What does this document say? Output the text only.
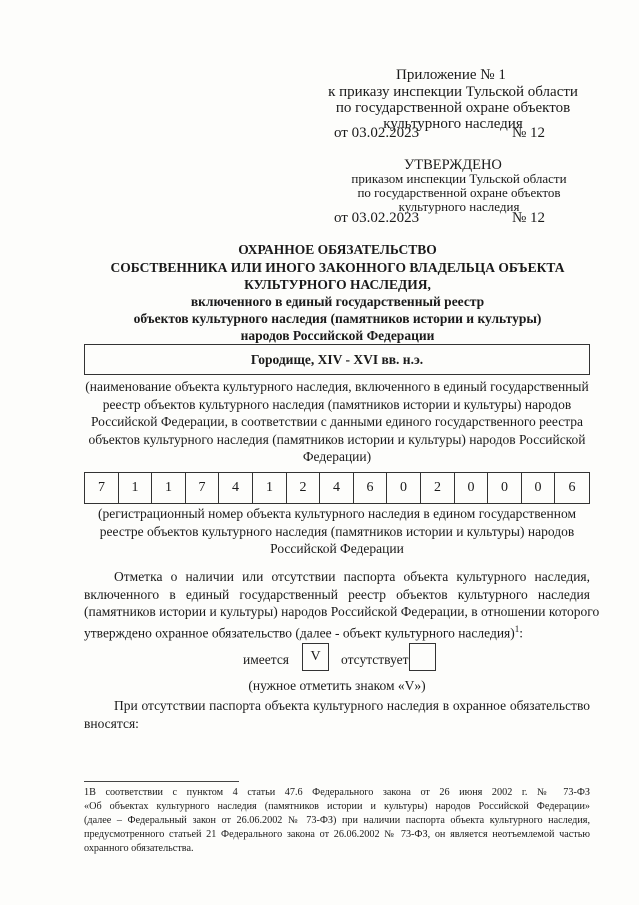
Приложение № 1
к приказу инспекции Тульской области
по государственной охране объектов
культурного наследия
от 03.02.2023	№ 12
УТВЕРЖДЕНО
приказом инспекции Тульской области
по государственной охране объектов
культурного наследия
от 03.02.2023	№ 12
ОХРАННОЕ ОБЯЗАТЕЛЬСТВО
СОБСТВЕННИКА ИЛИ ИНОГО ЗАКОННОГО ВЛАДЕЛЬЦА ОБЪЕКТА
КУЛЬТУРНОГО НАСЛЕДИЯ,
включенного в единый государственный реестр
объектов культурного наследия (памятников истории и культуры)
народов Российской Федерации
Городище, XIV - XVI вв. н.э.
(наименование объекта культурного наследия, включенного в единый государственный
реестр объектов культурного наследия (памятников истории и культуры) народов
Российской Федерации, в соответствии с данными единого государственного реестра
объектов культурного наследия (памятников истории и культуры) народов Российской
Федерации)
7	1	1	7	4	1	2	4	6	0	2	0	0	0	6
(регистрационный номер объекта культурного наследия в едином государственном
реестре объектов культурного наследия (памятников истории и культуры) народов
Российской Федерации
Отметка о наличии или отсутствии паспорта объекта культурного наследия,
включенного в единый государственный реестр объектов культурного наследия
(памятников истории и культуры) народов Российской Федерации, в отношении которого
утверждено охранное обязательство (далее - объект культурного наследия)$^1$:
имеется	V	отсутствует
(нужное отметить знаком «V»)
При отсутствии паспорта объекта культурного наследия в охранное обязательство
вносятся:
1В соответствии с пунктом 4 статьи 47.6 Федерального закона от 26 июня 2002 г. № 73-ФЗ
«Об объектах культурного наследия (памятников истории и культуры) народов Российской Федерации»
(далее – Федеральный закон от 26.06.2002 № 73-ФЗ) при наличии паспорта объекта культурного наследия,
предусмотренного статьей 21 Федерального закона от 26.06.2002 № 73-ФЗ, он является неотъемлемой частью
охранного обязательства.
